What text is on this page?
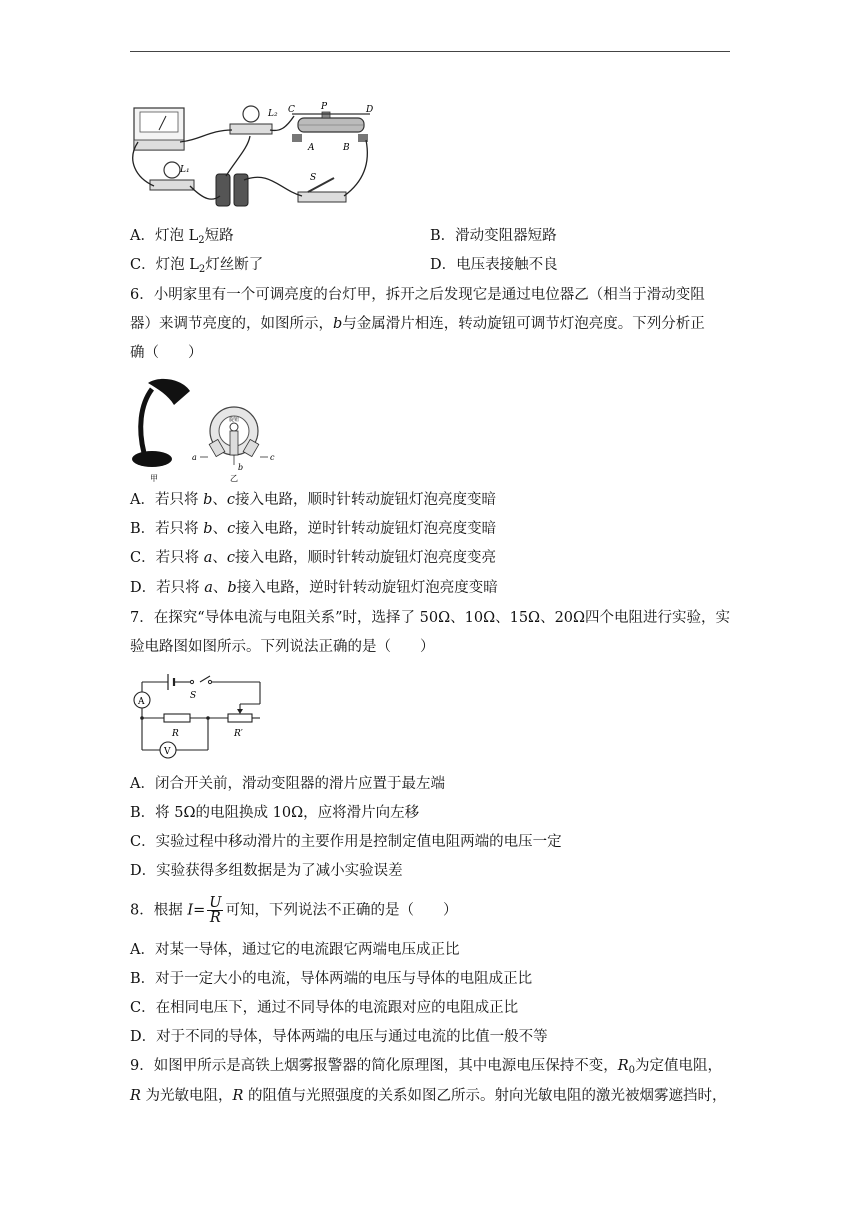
L₂ C	P	D
A	B
L₁
S
A．灯泡 $L_2$短路	B．滑动变阻器短路
C．灯泡 $L_2$灯丝断了	D．电压表接触不良
6．小明家里有一个可调亮度的台灯甲，拆开之后发现它是通过电位器乙（相当于滑动变阻
器）来调节亮度的，如图所示，b与金属滑片相连，转动旋钮可调节灯泡亮度。下列分析正
确（　　）
甲
旋钮
a
b
c
乙
A．若只将 b、c接入电路，顺时针转动旋钮灯泡亮度变暗
B．若只将 b、c接入电路，逆时针转动旋钮灯泡亮度变暗
C．若只将 a、c接入电路，顺时针转动旋钮灯泡亮度变亮
D．若只将 a、b接入电路，逆时针转动旋钮灯泡亮度变暗
7．在探究“导体电流与电阻关系”时，选择了 50Ω、10Ω、15Ω、20Ω四个电阻进行实验，实
验电路图如图所示。下列说法正确的是（　　）
S
A
R	R′
V
A．闭合开关前，滑动变阻器的滑片应置于最左端
B．将 5Ω的电阻换成 10Ω，应将滑片向左移
C．实验过程中移动滑片的主要作用是控制定值电阻两端的电压一定
D．实验获得多组数据是为了减小实验误差
8．根据 $I= \frac{U}{R}$ 可知，下列说法不正确的是（　　）
A．对某一导体，通过它的电流跟它两端电压成正比
B．对于一定大小的电流，导体两端的电压与导体的电阻成正比
C．在相同电压下，通过不同导体的电流跟对应的电阻成正比
D．对于不同的导体，导体两端的电压与通过电流的比值一般不等
9．如图甲所示是高铁上烟雾报警器的简化原理图，其中电源电压保持不变，$R_0$为定值电阻，
R 为光敏电阻，R 的阻值与光照强度的关系如图乙所示。射向光敏电阻的激光被烟雾遮挡时，
